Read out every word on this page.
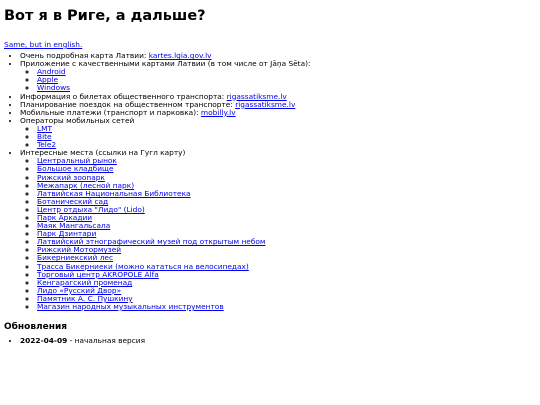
Вот я в Риге, а дальше?

Same, but in english.

• Очень подробная карта Латвии: kartes.lgia.gov.lv
• Приложение с качественными картами Латвии (в том числе от Jāņa Sēta):
◦ Android
◦ Apple
◦ Windows
• Информация о билетах общественного транспорта: rigassatiksme.lv
• Планирование поездок на общественном транспорте: rigassatiksme.lv
• Мобильные платежи (транспорт и парковка): mobilly.lv
• Операторы мобильных сетей
◦ LMT
◦ Bite
◦ Tele2
• Интересные места (ссылки на Гугл карту)
◦ Центральный рынок
◦ Большое кладбище
◦ Рижский зоопарк
◦ Межапарк (лесной парк)
◦ Латвийская Национальная Библиотека
◦ Ботанический сад
◦ Центр отдыха "Лидо" (Lido)
◦ Парк Аркадии
◦ Маяк Мангальсала
◦ Парк Дзинтари
◦ Латвийский этнографический музей под открытым небом
◦ Рижский Мотормузей
◦ Бикерниекский лес
◦ Трасса Бикерниеки (можно кататься на велосипедах)
◦ Торговый центр AKROPOLE Alfa
◦ Кенгарагский променад
◦ Лидо «Русский Двор»
◦ Памятник А. С. Пушкину
◦ Магазин народных музыкальных инструментов
Обновления
• 2022-04-09 - начальная версия
